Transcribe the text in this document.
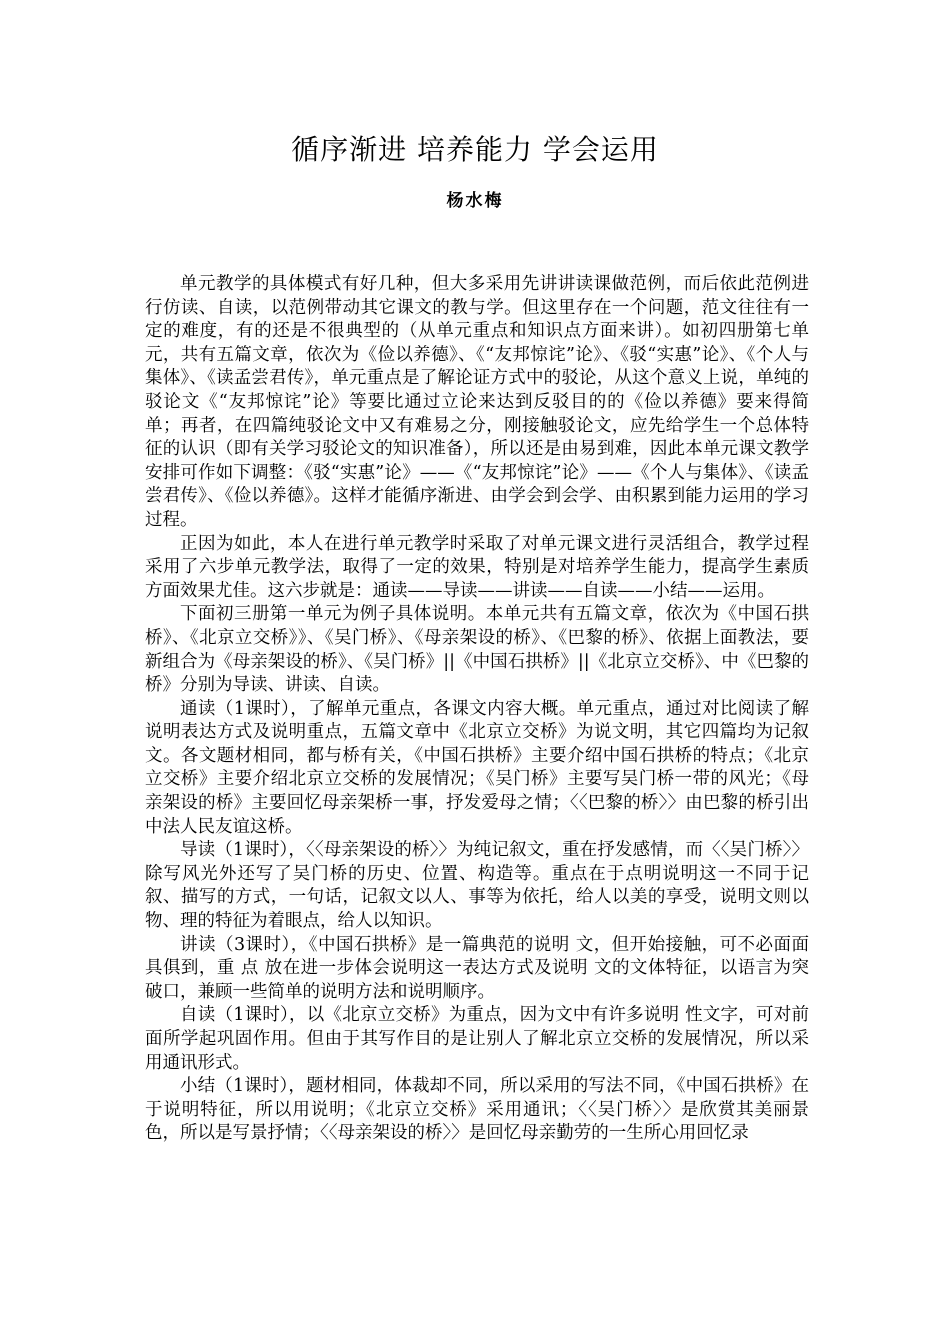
循序渐进 培养能力 学会运用
杨水梅

单元教学的具体模式有好几种，但大多采用先讲讲读课做范例，而后依此范例进行仿读、自读，以范例带动其它课文的教与学。但这里存在一个问题，范文往往有一定的难度，有的还是不很典型的（从单元重点和知识点方面来讲）。如初四册第七单元，共有五篇文章，依次为《俭以养德》、《“友邦惊诧”论》、《驳“实惠”论》、《个人与集体》、《读孟尝君传》，单元重点是了解论证方式中的驳论，从这个意义上说，单纯的驳论文《“友邦惊诧”论》等要比通过立论来达到反驳目的的《俭以养德》要来得简单；再者，在四篇纯驳论文中又有难易之分，刚接触驳论文，应先给学生一个总体特征的认识（即有关学习驳论文的知识准备），所以还是由易到难，因此本单元课文教学安排可作如下调整：《驳“实惠”论》——《“友邦惊诧”论》——《个人与集体》、《读孟尝君传》、《俭以养德》。这样才能循序渐进、由学会到会学、由积累到能力运用的学习过程。

正因为如此，本人在进行单元教学时采取了对单元课文进行灵活组合，教学过程采用了六步单元教学法，取得了一定的效果，特别是对培养学生能力，提高学生素质方面效果尤佳。这六步就是：通读——导读——讲读——自读——小结——运用。

下面初三册第一单元为例子具体说明。本单元共有五篇文章，依次为《中国石拱桥》、《北京立交桥》》、《吴门桥》、《母亲架设的桥》、《巴黎的桥》、依据上面教法，要新组合为《母亲架设的桥》、《吴门桥》||《中国石拱桥》||《北京立交桥》、中《巴黎的桥》分别为导读、讲读、自读。

通读（1课时），了解单元重点，各课文内容大概。单元重点，通过对比阅读了解说明表达方式及说明重点，五篇文章中《北京立交桥》为说文明，其它四篇均为记叙文。各文题材相同，都与桥有关，《中国石拱桥》主要介绍中国石拱桥的特点；《北京立交桥》主要介绍北京立交桥的发展情况；《吴门桥》主要写吴门桥一带的风光；《母亲架设的桥》主要回忆母亲架桥一事，抒发爱母之情；〈〈巴黎的桥〉〉由巴黎的桥引出中法人民友谊这桥。

导读（1课时），〈〈母亲架设的桥〉〉为纯记叙文，重在抒发感情，而〈〈吴门桥〉〉除写风光外还写了吴门桥的历史、位置、构造等。重点在于点明说明这一不同于记叙、描写的方式，一句话，记叙文以人、事等为依托，给人以美的享受，说明文则以物、理的特征为着眼点，给人以知识。

讲读（3课时），《中国石拱桥》是一篇典范的说明 文，但开始接触，可不必面面具俱到，重 点 放在进一步体会说明这一表达方式及说明 文的文体特征，以语言为突破口，兼顾一些简单的说明方法和说明顺序。

自读（1课时），以《北京立交桥》为重点，因为文中有许多说明 性文字，可对前面所学起巩固作用。但由于其写作目的是让别人了解北京立交桥的发展情况，所以采用通讯形式。

小结（1课时），题材相同，体裁却不同，所以采用的写法不同，《中国石拱桥》在于说明特征，所以用说明；《北京立交桥》采用通讯；〈〈吴门桥〉〉是欣赏其美丽景色，所以是写景抒情；〈〈母亲架设的桥〉〉是回忆母亲勤劳的一生所心用回忆录
